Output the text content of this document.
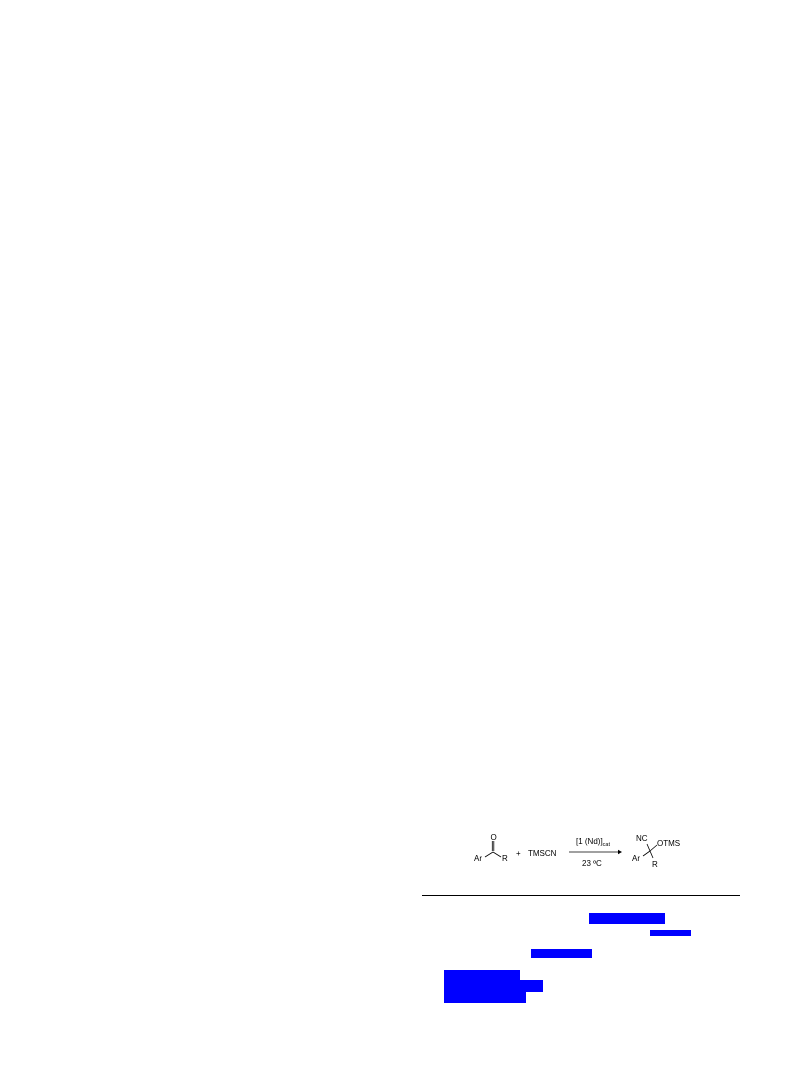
O
Ar	R
+ TMSCN
[1 $(Nd)]_{cat}$
23 ºC
NC
OTMS
Ar
R
